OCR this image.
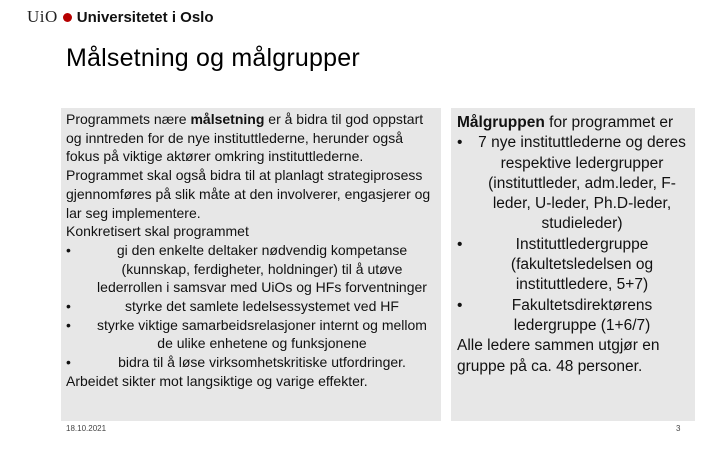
UiO Universitetet i Oslo
Målsetning og målgrupper

Programmets nære målsetning er å bidra til god oppstart og inntreden for de nye instituttlederne, herunder også fokus på viktige aktører omkring instituttlederne. Programmet skal også bidra til at planlagt strategiprosess gjennomføres på slik måte at den involverer, engasjerer og lar seg implementere.

Konkretisert skal programmet

• gi den enkelte deltaker nødvendig kompetanse (kunnskap, ferdigheter, holdninger) til å utøve lederrollen i samsvar med UiOs og HFs forventninger
• styrke det samlete ledelsessystemet ved HF
• styrke viktige samarbeidsrelasjoner internt og mellom de ulike enhetene og funksjonene
• bidra til å løse virksomhetskritiske utfordringer.

Arbeidet sikter mot langsiktige og varige effekter.

Målgruppen for programmet er

• 7 nye instituttlederne og deres respektive ledergrupper (instituttleder, adm.leder, F-leder, U-leder, Ph.D-leder, studieleder)
• Instituttledergruppe (fakultetsledelsen og instituttledere, 5+7)
• Fakultetsdirektørens ledergruppe (1+6/7)

Alle ledere sammen utgjør en gruppe på ca. 48 personer.

18.10.2021	3
